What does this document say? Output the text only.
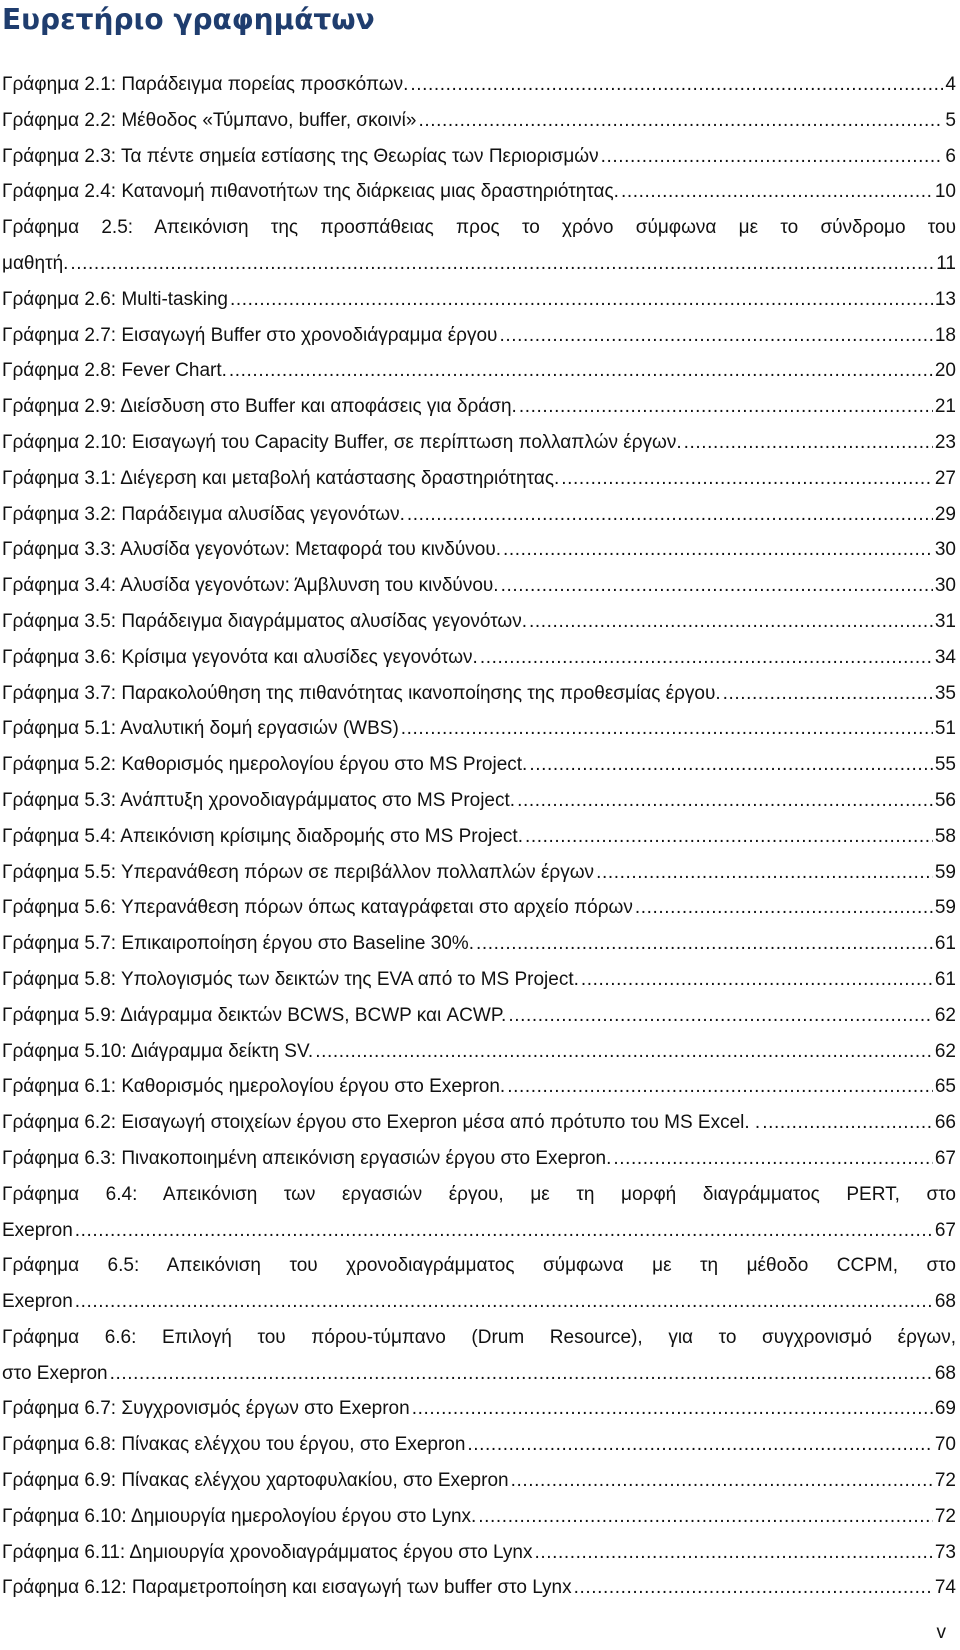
Ευρετήριο γραφημάτων
Γράφημα 2.1: Παράδειγμα πορείας προσκόπων. .....	4
Γράφημα 2.2: Μέθοδος «Τύμπανο, buffer, σκοινί» .....	5
Γράφημα 2.3: Τα πέντε σημεία εστίασης της Θεωρίας των Περιορισμών .....	6
Γράφημα 2.4: Κατανομή πιθανοτήτων της διάρκειας μιας δραστηριότητας. .....	10
Γράφημα 2.5: Απεικόνιση της προσπάθειας προς το χρόνο σύμφωνα με το σύνδρομο του
μαθητή. .....	11
Γράφημα 2.6: Multi-tasking .....	13
Γράφημα 2.7: Εισαγωγή Buffer στο χρονοδιάγραμμα έργου .....	18
Γράφημα 2.8: Fever Chart. .....	20
Γράφημα 2.9: Διείσδυση στο Buffer και αποφάσεις για δράση. .....	21
Γράφημα 2.10: Εισαγωγή του Capacity Buffer, σε περίπτωση πολλαπλών έργων. .....	23
Γράφημα 3.1: Διέγερση και μεταβολή κατάστασης δραστηριότητας. .....	27
Γράφημα 3.2: Παράδειγμα αλυσίδας γεγονότων. .....	29
Γράφημα 3.3: Αλυσίδα γεγονότων: Μεταφορά του κινδύνου. .....	30
Γράφημα 3.4: Αλυσίδα γεγονότων: Άμβλυνση του κινδύνου. .....	30
Γράφημα 3.5: Παράδειγμα διαγράμματος αλυσίδας γεγονότων. .....	31
Γράφημα 3.6: Κρίσιμα γεγονότα και αλυσίδες γεγονότων. .....	34
Γράφημα 3.7: Παρακολούθηση της πιθανότητας ικανοποίησης της προθεσμίας έργου. .....	35
Γράφημα 5.1: Αναλυτική δομή εργασιών (WBS) .....	51
Γράφημα 5.2: Καθορισμός ημερολογίου έργου στο MS Project. .....	55
Γράφημα 5.3: Ανάπτυξη χρονοδιαγράμματος στο MS Project. .....	56
Γράφημα 5.4: Απεικόνιση κρίσιμης διαδρομής στο MS Project. .....	58
Γράφημα 5.5: Υπερανάθεση πόρων σε περιβάλλον πολλαπλών έργων .....	59
Γράφημα 5.6: Υπερανάθεση πόρων όπως καταγράφεται στο αρχείο πόρων .....	59
Γράφημα 5.7: Επικαιροποίηση έργου στο Baseline 30%. .....	61
Γράφημα 5.8: Υπολογισμός των δεικτών της EVA από το MS Project. .....	61
Γράφημα 5.9: Διάγραμμα δεικτών BCWS, BCWP και ACWP. .....	62
Γράφημα 5.10: Διάγραμμα δείκτη SV. .....	62
Γράφημα 6.1: Καθορισμός ημερολογίου έργου στο Exepron. .....	65
Γράφημα 6.2: Εισαγωγή στοιχείων έργου στο Exepron μέσα από πρότυπο του MS Excel. . .....	66
Γράφημα 6.3: Πινακοποιημένη απεικόνιση εργασιών έργου στο Exepron. .....	67
Γράφημα 6.4: Απεικόνιση των εργασιών έργου, με τη μορφή διαγράμματος PERT, στο
Exepron .....	67
Γράφημα 6.5: Απεικόνιση του χρονοδιαγράμματος σύμφωνα με τη μέθοδο CCPM, στο
Exepron .....	68
Γράφημα 6.6: Επιλογή του πόρου-τύμπανο (Drum Resource), για το συγχρονισμό έργων,
στο Exepron .....	68
Γράφημα 6.7: Συγχρονισμός έργων στο Exepron .....	69
Γράφημα 6.8: Πίνακας ελέγχου του έργου, στο Exepron .....	70
Γράφημα 6.9: Πίνακας ελέγχου χαρτοφυλακίου, στο Exepron .....	72
Γράφημα 6.10: Δημιουργία ημερολογίου έργου στο Lynx. .....	72
Γράφημα 6.11: Δημιουργία χρονοδιαγράμματος έργου στο Lynx .....	73
Γράφημα 6.12: Παραμετροποίηση και εισαγωγή των buffer στο Lynx .....	74
v
